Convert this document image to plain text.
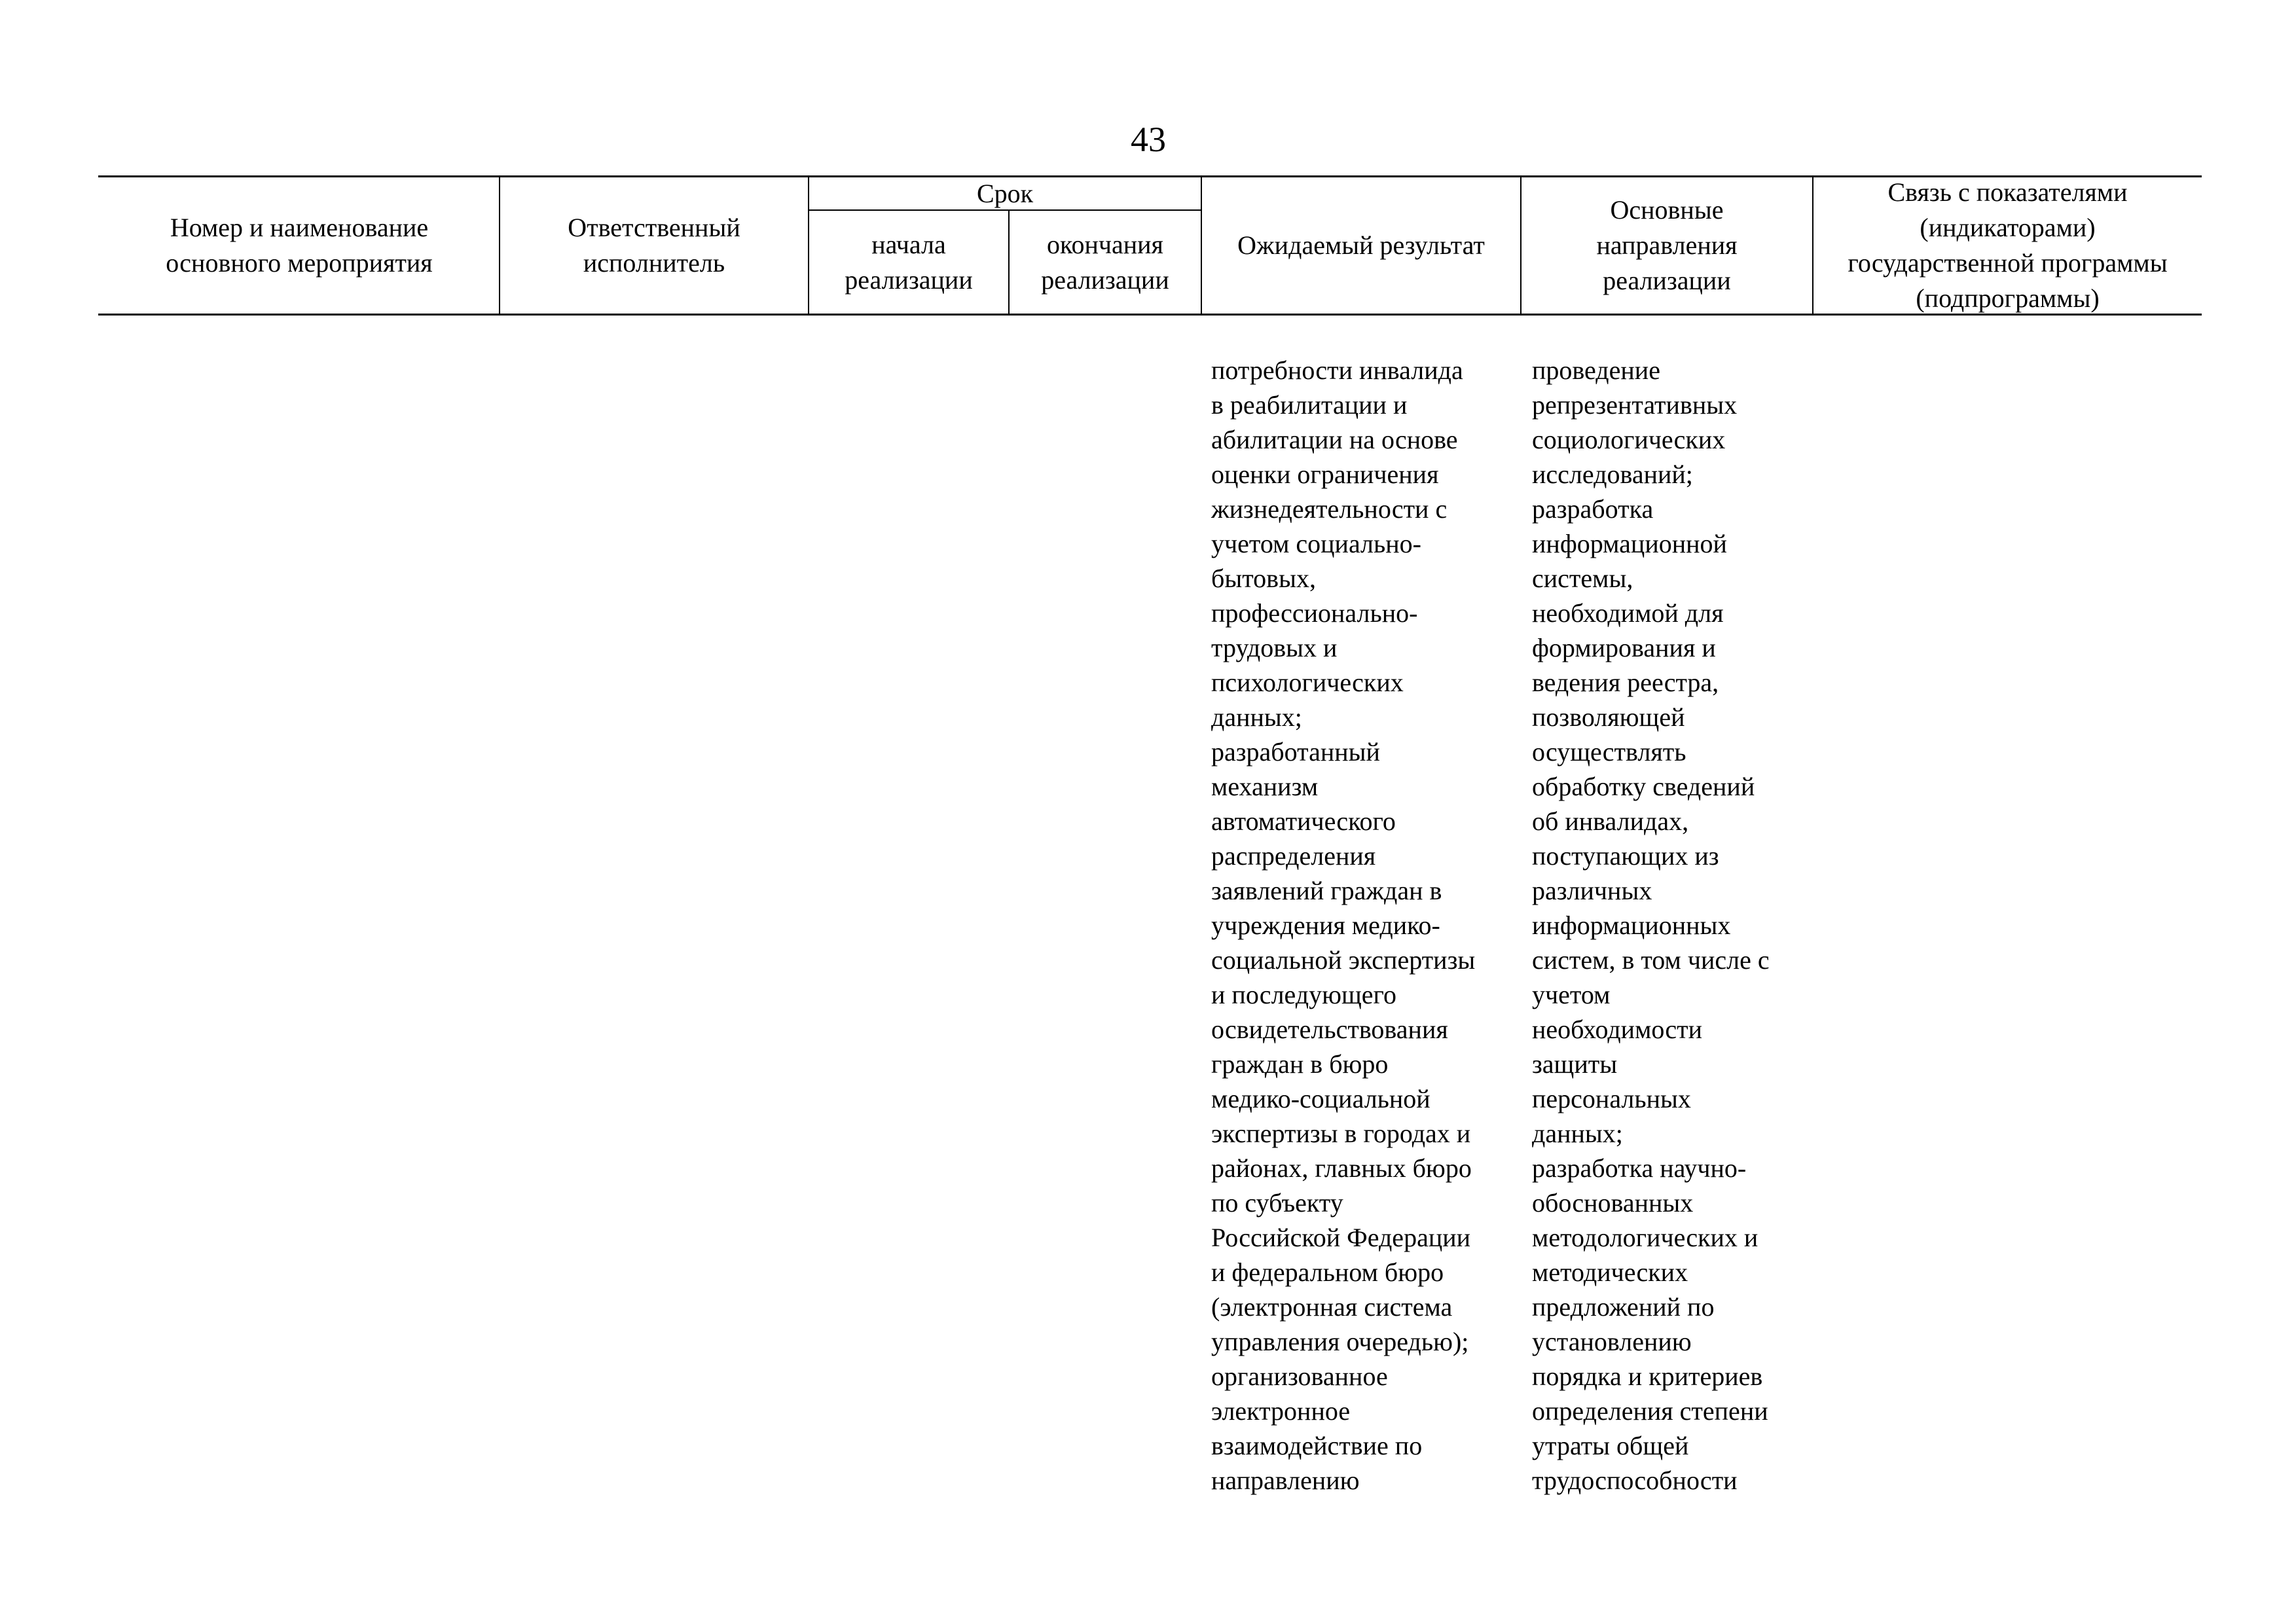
43
Номер и наименование
основного мероприятия
Ответственный
исполнитель
Срок
начала
реализации
окончания
реализации
Ожидаемый результат
Основные
направления
реализации
Связь с показателями
(индикаторами)
государственной программы
(подпрограммы)
потребности инвалида
в реабилитации и
абилитации на основе
оценки ограничения
жизнедеятельности с
учетом социально-
бытовых,
профессионально-
трудовых и
психологических
данных;
разработанный
механизм
автоматического
распределения
заявлений граждан в
учреждения медико-
социальной экспертизы
и последующего
освидетельствования
граждан в бюро
медико-социальной
экспертизы в городах и
районах, главных бюро
по субъекту
Российской Федерации
и федеральном бюро
(электронная система
управления очередью);
организованное
электронное
взаимодействие по
направлению
проведение
репрезентативных
социологических
исследований;
разработка
информационной
системы,
необходимой для
формирования и
ведения реестра,
позволяющей
осуществлять
обработку сведений
об инвалидах,
поступающих из
различных
информационных
систем, в том числе с
учетом
необходимости
защиты
персональных
данных;
разработка научно-
обоснованных
методологических и
методических
предложений по
установлению
порядка и критериев
определения степени
утраты общей
трудоспособности
